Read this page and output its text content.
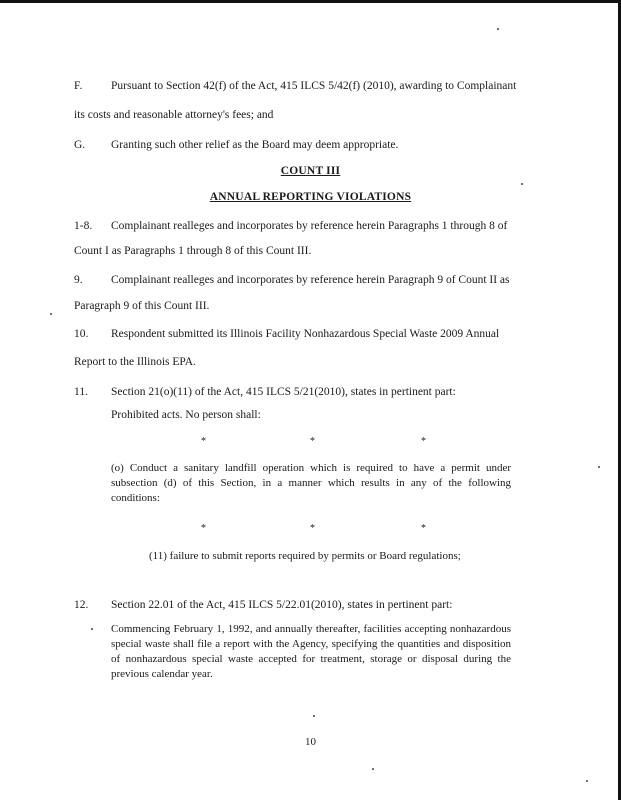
F. Pursuant to Section 42(f) of the Act, 415 ILCS 5/42(f) (2010), awarding to Complainant
its costs and reasonable attorney's fees; and
G. Granting such other relief as the Board may deem appropriate.
COUNT III
ANNUAL REPORTING VIOLATIONS
1-8. Complainant realleges and incorporates by reference herein Paragraphs 1 through 8 of
Count I as Paragraphs 1 through 8 of this Count III.
9. Complainant realleges and incorporates by reference herein Paragraph 9 of Count II as
Paragraph 9 of this Count III.
10. Respondent submitted its Illinois Facility Nonhazardous Special Waste 2009 Annual
Report to the Illinois EPA.
11. Section 21(o)(11) of the Act, 415 ILCS 5/21(2010), states in pertinent part:
Prohibited acts. No person shall:
*	*	*
(o) Conduct a sanitary landfill operation which is required to have a permit under subsection (d) of this Section, in a manner which results in any of the following conditions:
*	*	*
(11) failure to submit reports required by permits or Board regulations;
12. Section 22.01 of the Act, 415 ILCS 5/22.01(2010), states in pertinent part:
Commencing February 1, 1992, and annually thereafter, facilities accepting nonhazardous special waste shall file a report with the Agency, specifying the quantities and disposition of nonhazardous special waste accepted for treatment, storage or disposal during the previous calendar year.
10
